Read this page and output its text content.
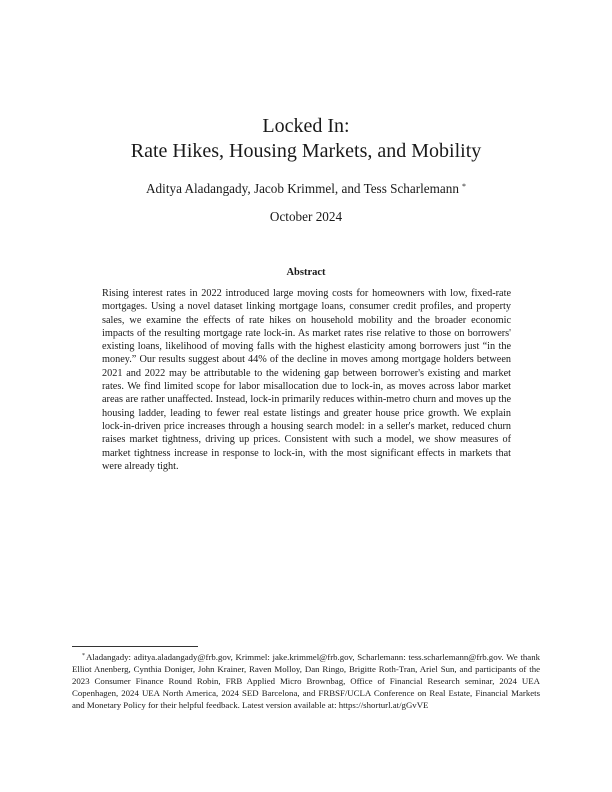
Locked In:
Rate Hikes, Housing Markets, and Mobility
Aditya Aladangady, Jacob Krimmel, and Tess Scharlemann *
October 2024
Abstract
Rising interest rates in 2022 introduced large moving costs for homeowners with low, fixed-rate mortgages. Using a novel dataset linking mortgage loans, consumer credit profiles, and property sales, we examine the effects of rate hikes on household mobility and the broader economic impacts of the resulting mortgage rate lock-in. As market rates rise relative to those on borrowers' existing loans, likelihood of moving falls with the highest elasticity among borrowers just “in the money.” Our results suggest about 44% of the decline in moves among mortgage holders between 2021 and 2022 may be attributable to the widening gap between borrower's existing and market rates. We find limited scope for labor misallocation due to lock-in, as moves across labor market areas are rather unaffected. Instead, lock-in primarily reduces within-metro churn and moves up the housing ladder, leading to fewer real estate listings and greater house price growth. We explain lock-in-driven price increases through a housing search model: in a seller's market, reduced churn raises market tightness, driving up prices. Consistent with such a model, we show measures of market tightness increase in response to lock-in, with the most significant effects in markets that were already tight.
*Aladangady: aditya.aladangady@frb.gov, Krimmel: jake.krimmel@frb.gov, Scharlemann: tess.scharlemann@frb.gov. We thank Elliot Anenberg, Cynthia Doniger, John Krainer, Raven Molloy, Dan Ringo, Brigitte Roth-Tran, Ariel Sun, and participants of the 2023 Consumer Finance Round Robin, FRB Applied Micro Brownbag, Office of Financial Research seminar, 2024 UEA Copenhagen, 2024 UEA North America, 2024 SED Barcelona, and FRBSF/UCLA Conference on Real Estate, Financial Markets and Monetary Policy for their helpful feedback. Latest version available at: https://shorturl.at/gGvVE
